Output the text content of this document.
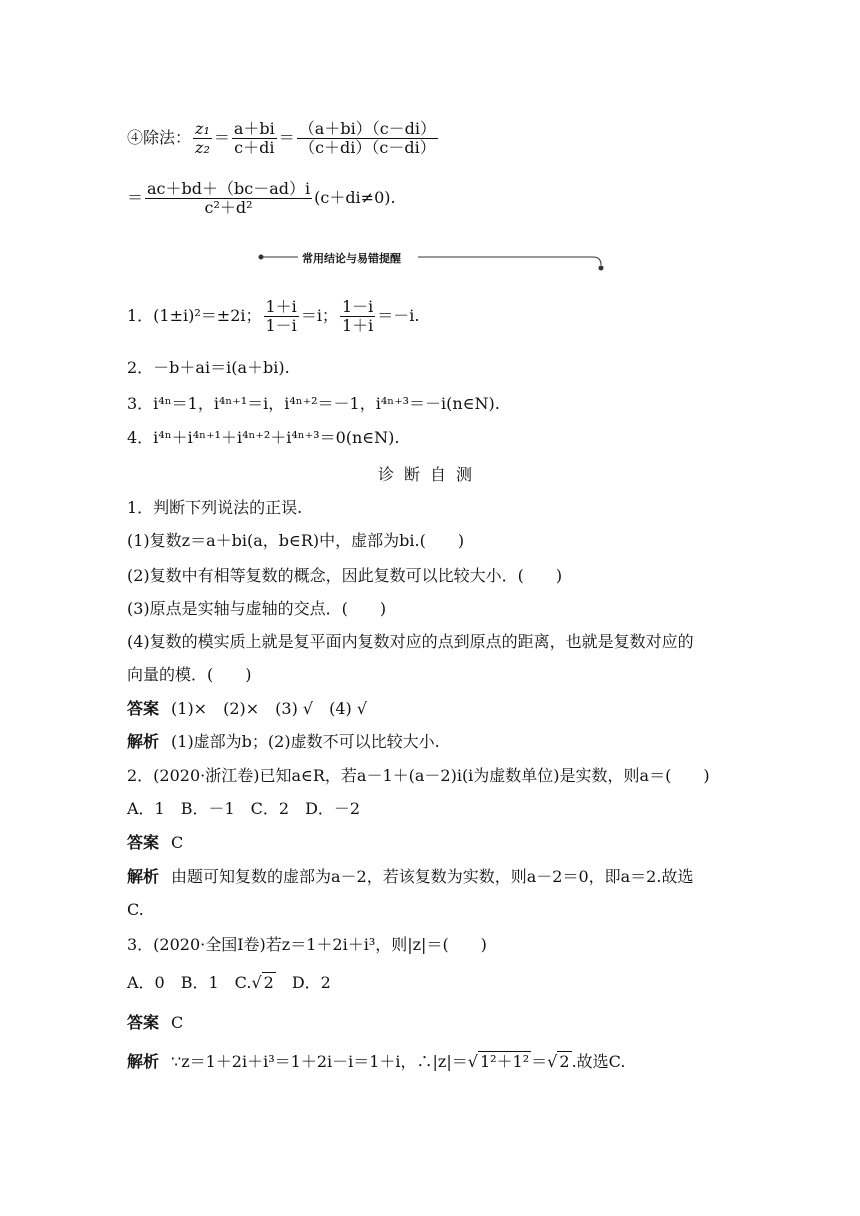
④除法： $\frac{\text{z₁}}{\text{z₂}} = \frac{a+bi}{c+di} = \frac{(a+bi)(c-di)}{(c+di)(c-di)}$
＝ $\frac{ac+bd+(bc-ad)i}{\text{c²＋d²}} (c+di\ne 0)$.
常用结论与易错提醒
1．(1±i)²＝±2i； $\frac{1+i}{1-i} =i$； $\frac{1-i}{1+i} =-i$.
2．－b＋ai＝i(a＋bi).
3．i⁴ⁿ＝1，i⁴ⁿ⁺¹＝i，i⁴ⁿ⁺²＝－1，i⁴ⁿ⁺³＝－i(n∈N).
4．i⁴ⁿ＋i⁴ⁿ⁺¹＋i⁴ⁿ⁺²＋i⁴ⁿ⁺³＝0(n∈N).
诊断自测
1．判断下列说法的正误.
(1)复数z＝a＋bi(a，b∈R)中，虚部为bi.(　　)
(2)复数中有相等复数的概念，因此复数可以比较大小．(　　)
(3)原点是实轴与虚轴的交点．(　　)
(4)复数的模实质上就是复平面内复数对应的点到原点的距离，也就是复数对应的
向量的模．(　　)
答案 (1)×　(2)×　(3) √　(4) √
解析 (1)虚部为b；(2)虚数不可以比较大小.
2．(2020·浙江卷)已知a∈R，若a－1＋(a－2)i(i为虚数单位)是实数，则a＝(　　)
A．1　B．－1　C．2　D．－2
答案 C
解析 由题可知复数的虚部为a－2，若该复数为实数，则a－2＝0，即a＝2.故选
C.
3．(2020·全国Ⅰ卷)若z＝1＋2i＋i³，则|z|＝(　　)
A．0　B．1　C.√ 2　D．2
答案 C
解析 ∵z＝1＋2i＋i³＝1＋2i－i＝1＋i，∴|z|＝√ 1²＋1² ＝√ 2 .故选C.
